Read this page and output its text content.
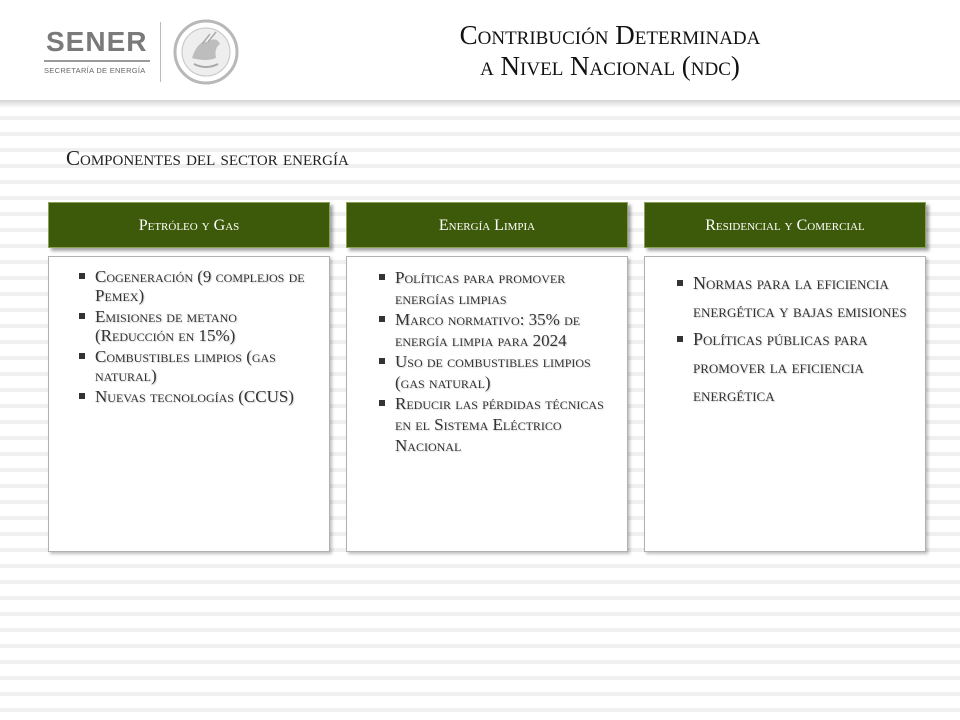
SENER
SECRETARÍA DE ENERGÍA
Contribución Determinada
a Nivel Nacional (ndc)
Componentes del sector energía
Petróleo y Gas	Energía Limpia	Residencial y Comercial
Cogeneración (9 complejos de Pemex)
Emisiones de metano (Reducción en 15%)
Combustibles limpios (gas natural)
Nuevas tecnologías (CCUS)
Políticas para promover energías limpias
Marco normativo: 35% de energía limpia para 2024
Uso de combustibles limpios (gas natural)
Reducir las pérdidas técnicas en el Sistema Eléctrico Nacional
Normas para la eficiencia energética y bajas emisiones
Políticas públicas para promover la eficiencia energética
